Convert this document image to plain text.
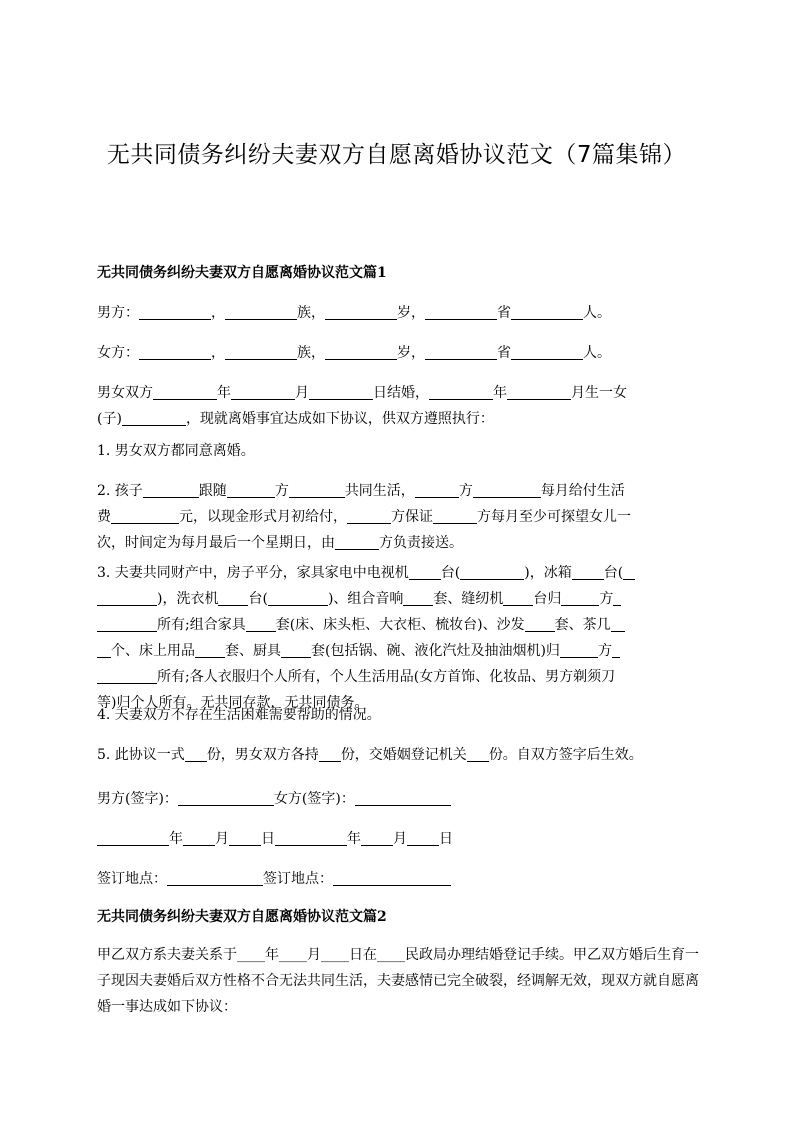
无共同债务纠纷夫妻双方自愿离婚协议范文（7篇集锦）
无共同债务纠纷夫妻双方自愿离婚协议范文篇1
男方：	，	族，	岁，	省	人。
女方：	，	族，	岁，	省	人。
男女双方	年	月	日结婚，	年	月生一女
(子)	，现就离婚事宜达成如下协议，供双方遵照执行：
1. 男女双方都同意离婚。
2. 孩子	跟随	方	共同生活，	方	每月给付生活
费	元，以现金形式月初给付，	方保证	方每月至少可探望女儿一
次，时间定为每月最后一个星期日，由	方负责接送。
3. 夫妻共同财产中，房子平分，家具家电中电视机 台(	)，冰箱 台(
)，洗衣机 台(	)、组合音响 套、缝纫机 台归	方
所有;组合家具 套(床、床头柜、大衣柜、梳妆台)、沙发 套、茶几
个、床上用品 套、厨具 套(包括锅、碗、液化汽灶及抽油烟机)归	方
所有;各人衣服归个人所有，个人生活用品(女方首饰、化妆品、男方剃须刀
等)归个人所有。无共同存款，无共同债务。
4. 夫妻双方不存在生活困难需要帮助的情况。
5. 此协议一式 份，男女双方各持 份，交婚姻登记机关 份。自双方签字后生效。
男方(签字)：	女方(签字)：
年 月 日	年 月 日
签订地点：	签订地点：
无共同债务纠纷夫妻双方自愿离婚协议范文篇2
甲乙双方系夫妻关系于____年____月____日在____民政局办理结婚登记手续。甲乙双方婚后生育一子现因夫妻婚后双方性格不合无法共同生活，夫妻感情已完全破裂，经调解无效，现双方就自愿离婚一事达成如下协议：
